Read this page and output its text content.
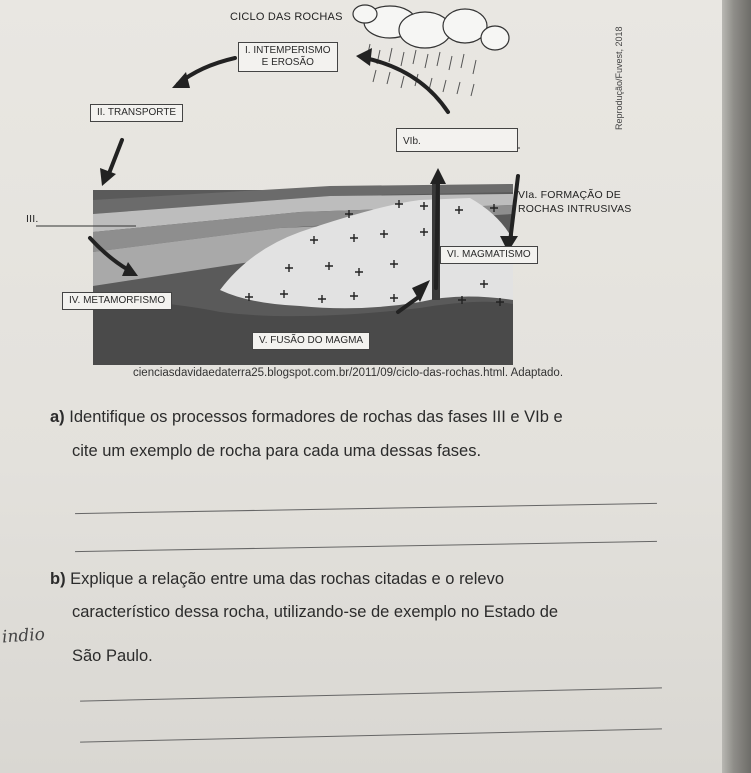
CICLO DAS ROCHAS
I. INTEMPERISMO
E EROSÃO
II. TRANSPORTE
VIb.
III.
VIa. FORMAÇÃO DE
ROCHAS INTRUSIVAS
VI. MAGMATISMO
IV. METAMORFISMO
V. FUSÃO DO MAGMA
Reprodução/Fuvest, 2018
cienciasdavidaedaterra25.blogspot.com.br/2011/09/ciclo-das-rochas.html. Adaptado.
a) Identifique os processos formadores de rochas das fases III e VIb e
cite um exemplo de rocha para cada uma dessas fases.
b) Explique a relação entre uma das rochas citadas e o relevo
característico dessa rocha, utilizando-se de exemplo no Estado de
São Paulo.
indio
